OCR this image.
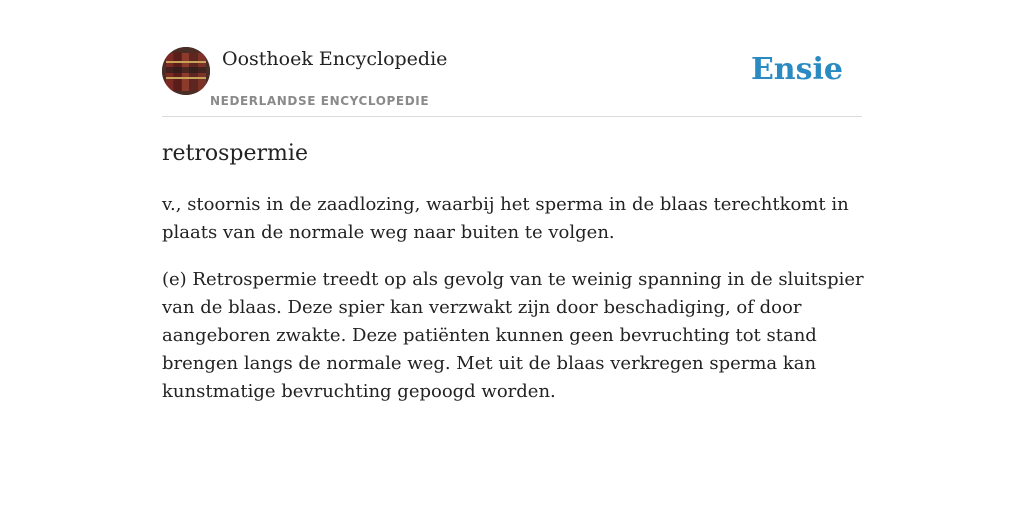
Oosthoek Encyclopedie
NEDERLANDSE ENCYCLOPEDIE
Ensie
retrospermie

v., stoornis in de zaadlozing, waarbij het sperma in de blaas terechtkomt in plaats van de normale weg naar buiten te volgen.

(e) Retrospermie treedt op als gevolg van te weinig spanning in de sluitspier van de blaas. Deze spier kan verzwakt zijn door beschadiging, of door aangeboren zwakte. Deze patiënten kunnen geen bevruchting tot stand brengen langs de normale weg. Met uit de blaas verkregen sperma kan kunstmatige bevruchting gepoogd worden.
